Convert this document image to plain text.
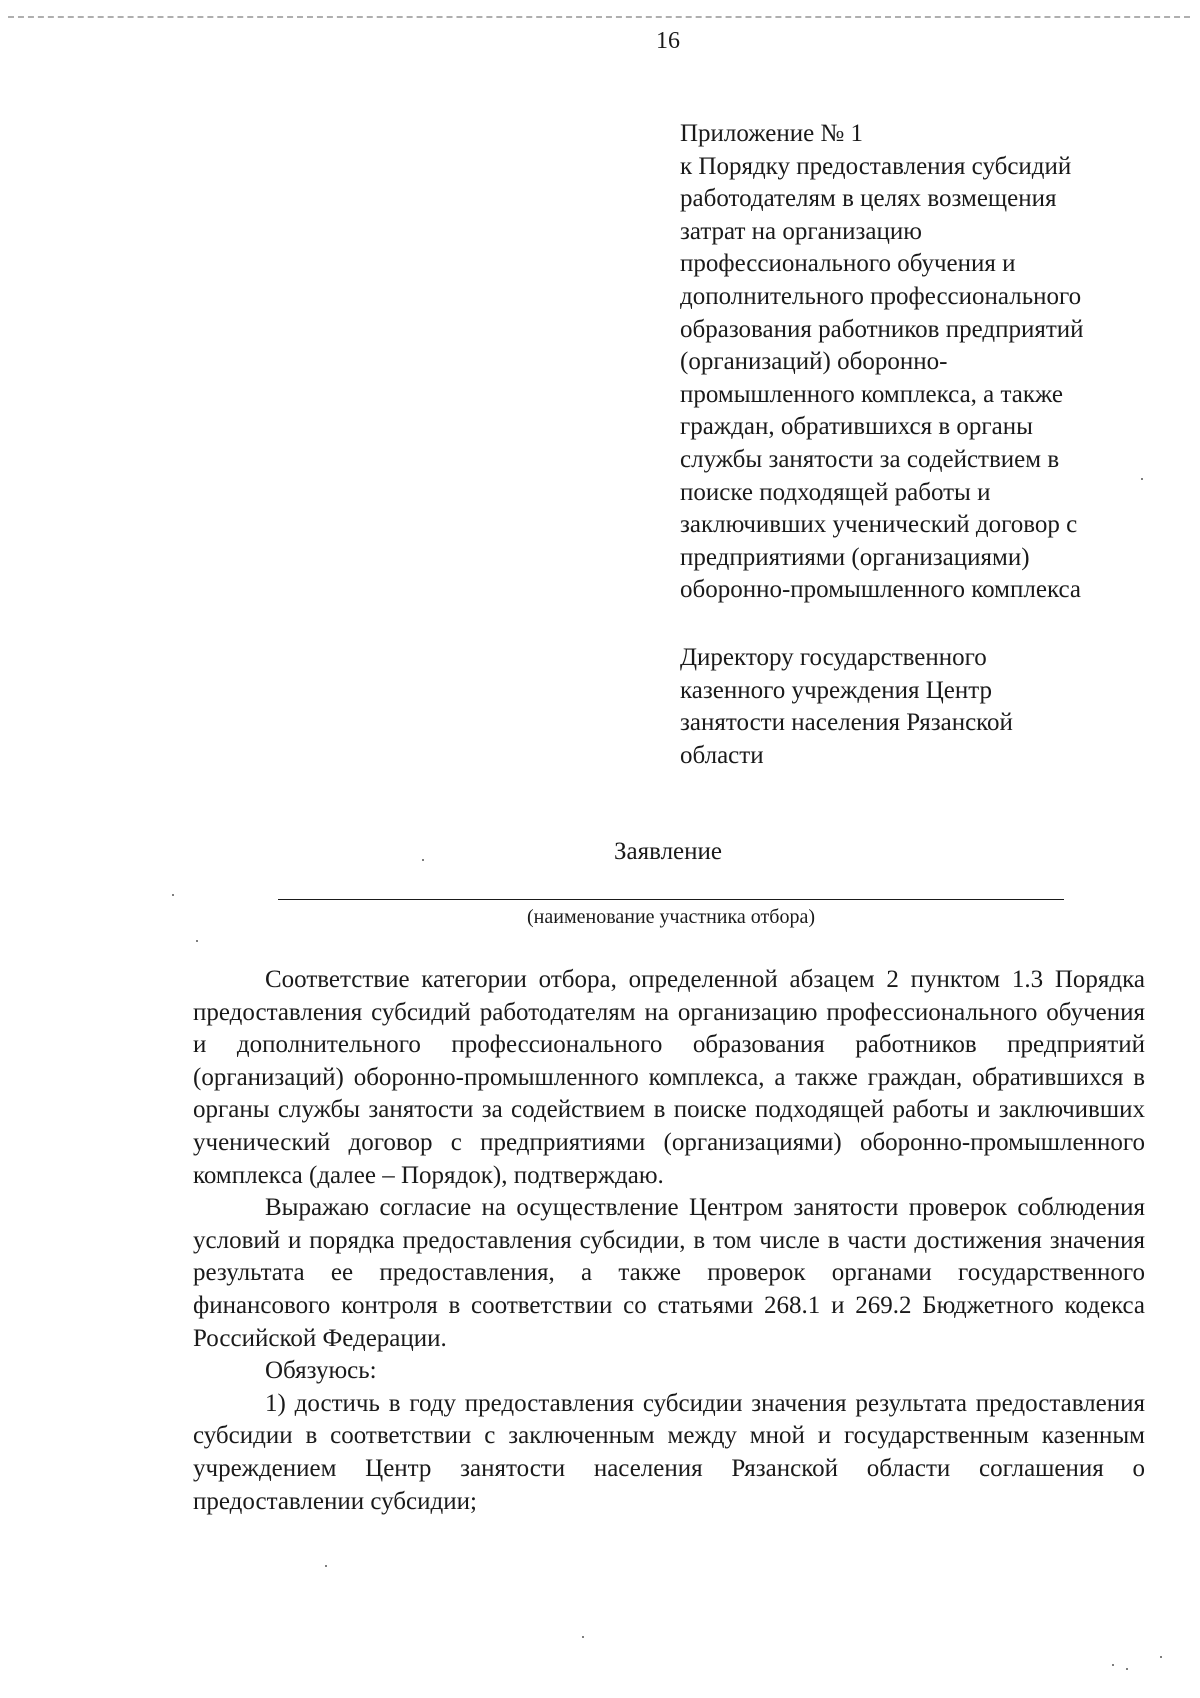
16
Приложение № 1
к Порядку предоставления субсидий
работодателям в целях возмещения
затрат на организацию
профессионального обучения и
дополнительного профессионального
образования работников предприятий
(организаций) оборонно-
промышленного комплекса, а также
граждан, обратившихся в органы
службы занятости за содействием в
поиске подходящей работы и
заключивших ученический договор с
предприятиями (организациями)
оборонно-промышленного комплекса
Директору государственного
казенного учреждения Центр
занятости населения Рязанской
области
Заявление
(наименование участника отбора)

Соответствие категории отбора, определенной абзацем 2 пунктом 1.3 Порядка предоставления субсидий работодателям на организацию профессионального обучения и дополнительного профессионального образования работников предприятий (организаций) оборонно-промышленного комплекса, а также граждан, обратившихся в органы службы занятости за содействием в поиске подходящей работы и заключивших ученический договор с предприятиями (организациями) оборонно-промышленного комплекса (далее – Порядок), подтверждаю.

Выражаю согласие на осуществление Центром занятости проверок соблюдения условий и порядка предоставления субсидии, в том числе в части достижения значения результата ее предоставления, а также проверок органами государственного финансового контроля в соответствии со статьями 268.1 и 269.2 Бюджетного кодекса Российской Федерации.

Обязуюсь:

1) достичь в году предоставления субсидии значения результата предоставления субсидии в соответствии с заключенным между мной и государственным казенным учреждением Центр занятости населения Рязанской области соглашения о предоставлении субсидии;
